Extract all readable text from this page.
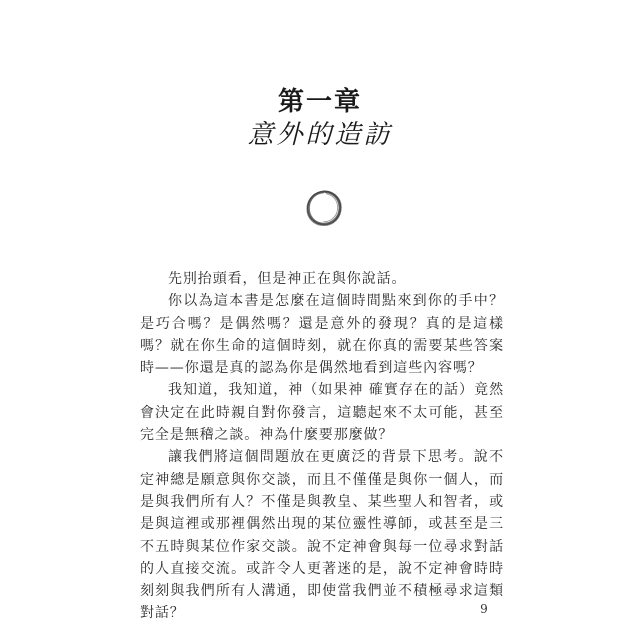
第一章
意外的造訪

先別抬頭看，但是神正在與你說話。

你以為這本書是怎麼在這個時間點來到你的手中？是巧合嗎？是偶然嗎？還是意外的發現？真的是這樣嗎？就在你生命的這個時刻，就在你真的需要某些答案時——你還是真的認為你是偶然地看到這些內容嗎？

我知道，我知道，神（如果神 確實存在的話）竟然會決定在此時親自對你發言，這聽起來不太可能，甚至完全是無稽之談。神為什麼要那麼做？

讓我們將這個問題放在更廣泛的背景下思考。說不定神總是願意與你交談，而且不僅僅是與你一個人，而是與我們所有人？不僅是與教皇、某些聖人和智者，或是與這裡或那裡偶然出現的某位靈性導師，或甚至是三不五時與某位作家交談。說不定神會與每一位尋求對話的人直接交流。或許令人更著迷的是，說不定神會時時刻刻與我們所有人溝通，即使當我們並不積極尋求這類對話？	9
